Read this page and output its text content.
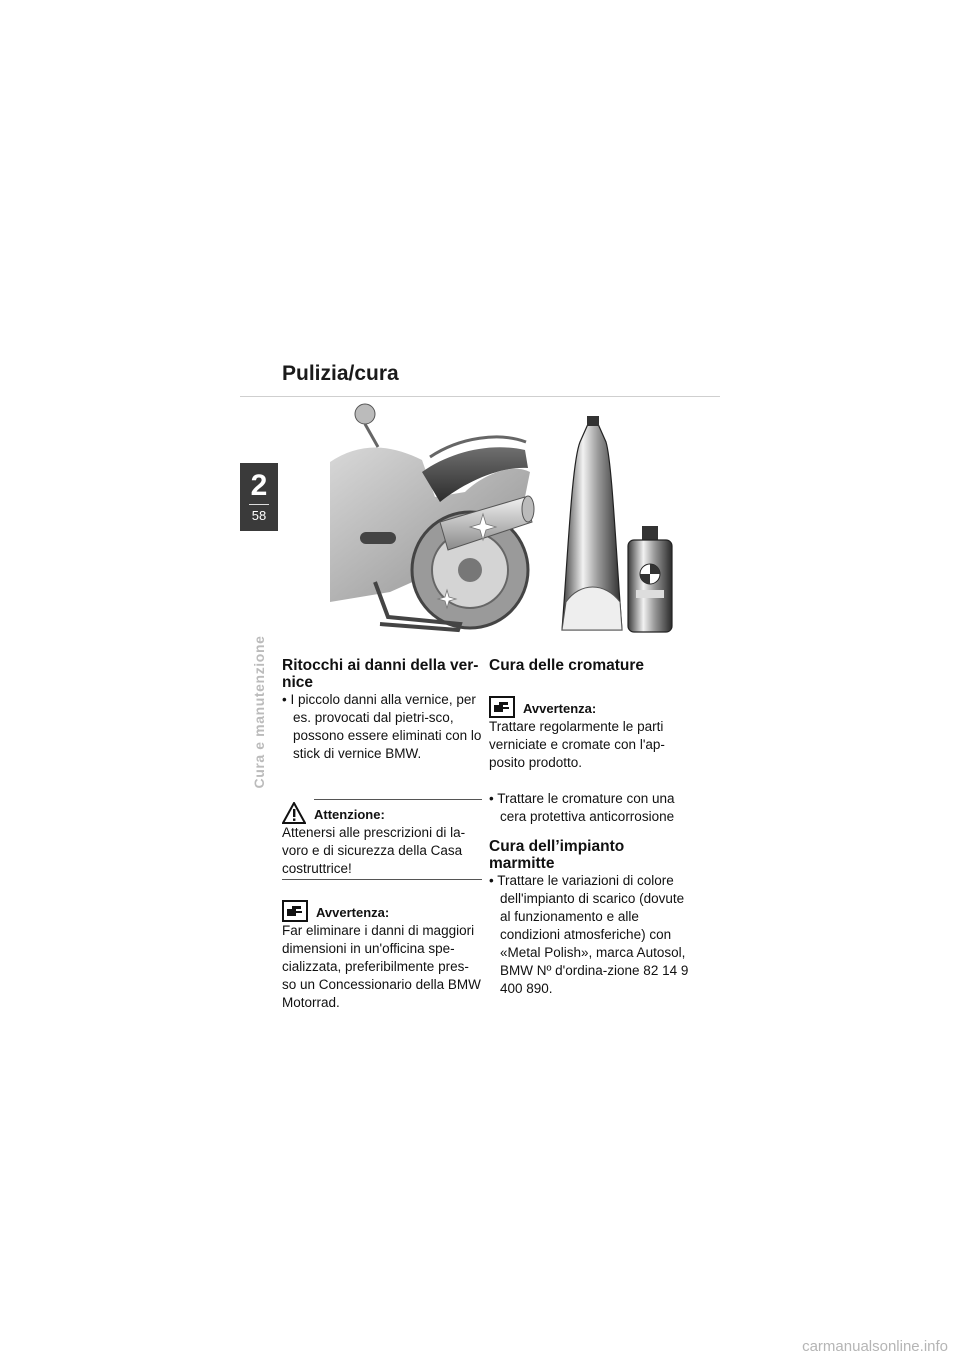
Pulizia/cura
2
58
Cura e manutenzione Ritocchi ai danni della ver-nice

• I piccolo danni alla vernice, per es. provocati dal pietri-sco, possono essere eliminati con lo stick di vernice BMW.

Attenzione:

Attenersi alle prescrizioni di la-voro e di sicurezza della Casa costruttrice!

Avvertenza:

Far eliminare i danni di maggiori dimensioni in un'officina spe-cializzata, preferibilmente pres-so un Concessionario della BMW Motorrad.

Cura delle cromature
Avvertenza:

Trattare regolarmente le parti verniciate e cromate con l'ap-posito prodotto.

• Trattare le cromature con una cera protettiva anticorrosione

Cura dell’impianto marmitte

• Trattare le variazioni di colore dell'impianto di scarico (dovute al funzionamento e alle condizioni atmosferiche) con «Metal Polish», marca Autosol, BMW Nº d'ordina-zione 82 14 9 400 890.

carmanualsonline.info
